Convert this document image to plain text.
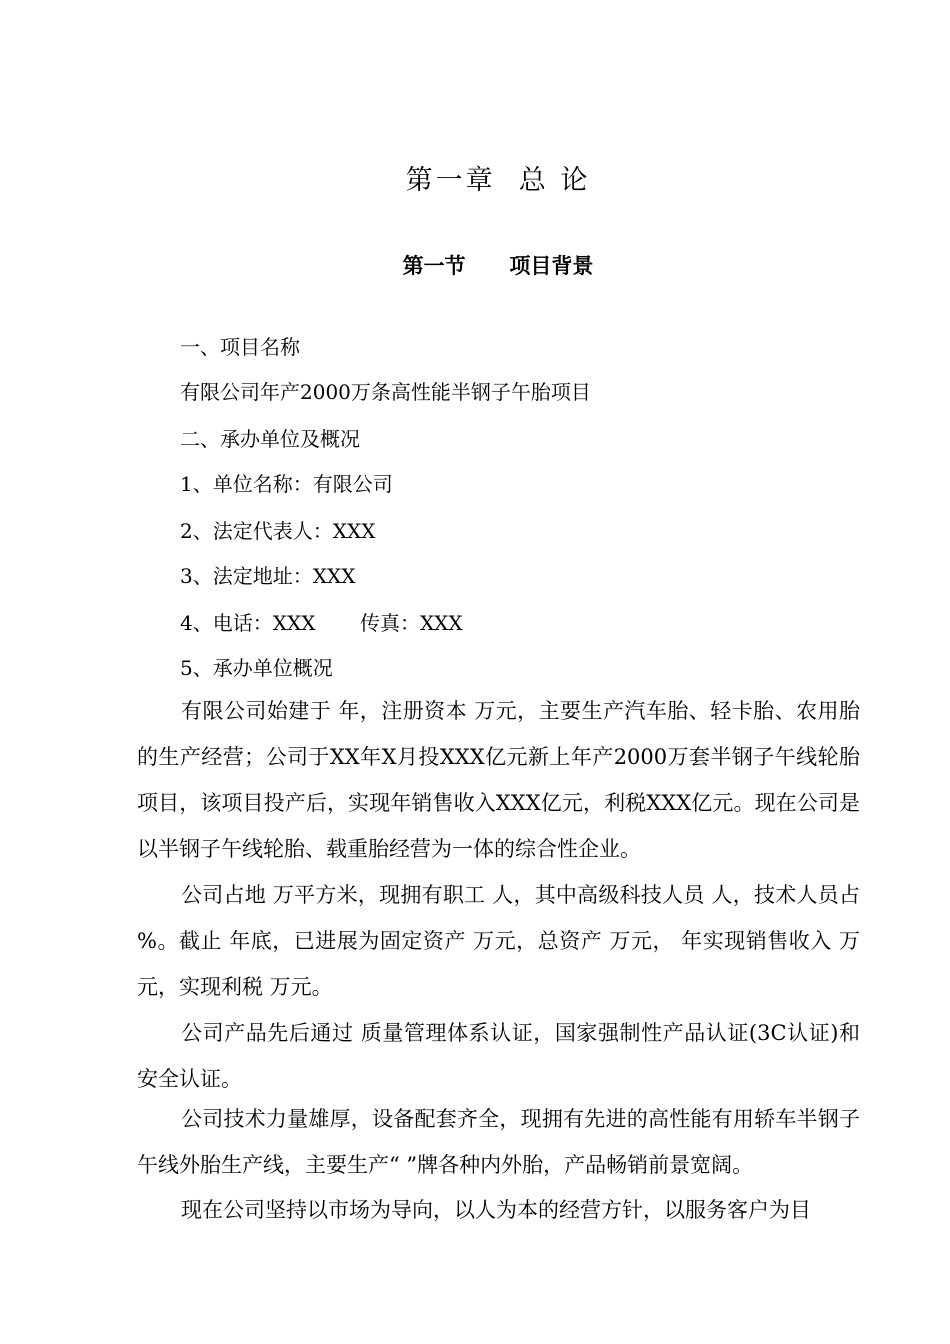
第一章  总 论
第一节      项目背景
一、项目名称
有限公司年产2000万条高性能半钢子午胎项目
二、承办单位及概况
1、单位名称：有限公司
2、法定代表人：XXX
3、法定地址：XXX
4、电话：XXX       传真：XXX
5、承办单位概况

有限公司始建于 年，注册资本 万元，主要生产汽车胎、轻卡胎、农用胎的生产经营；公司于XX年X月投XXX亿元新上年产2000万套半钢子午线轮胎项目，该项目投产后，实现年销售收入XXX亿元，利税XXX亿元。现在公司是以半钢子午线轮胎、载重胎经营为一体的综合性企业。

公司占地 万平方米，现拥有职工 人，其中高级科技人员 人，技术人员占 %。截止 年底，已进展为固定资产 万元，总资产 万元， 年实现销售收入 万元，实现利税 万元。

公司产品先后通过 质量管理体系认证，国家强制性产品认证(3C认证)和安全认证。

公司技术力量雄厚，设备配套齐全，现拥有先进的高性能有用轿车半钢子午线外胎生产线，主要生产“ ”牌各种内外胎，产品畅销前景宽阔。

现在公司坚持以市场为导向，以人为本的经营方针，以服务客户为目
